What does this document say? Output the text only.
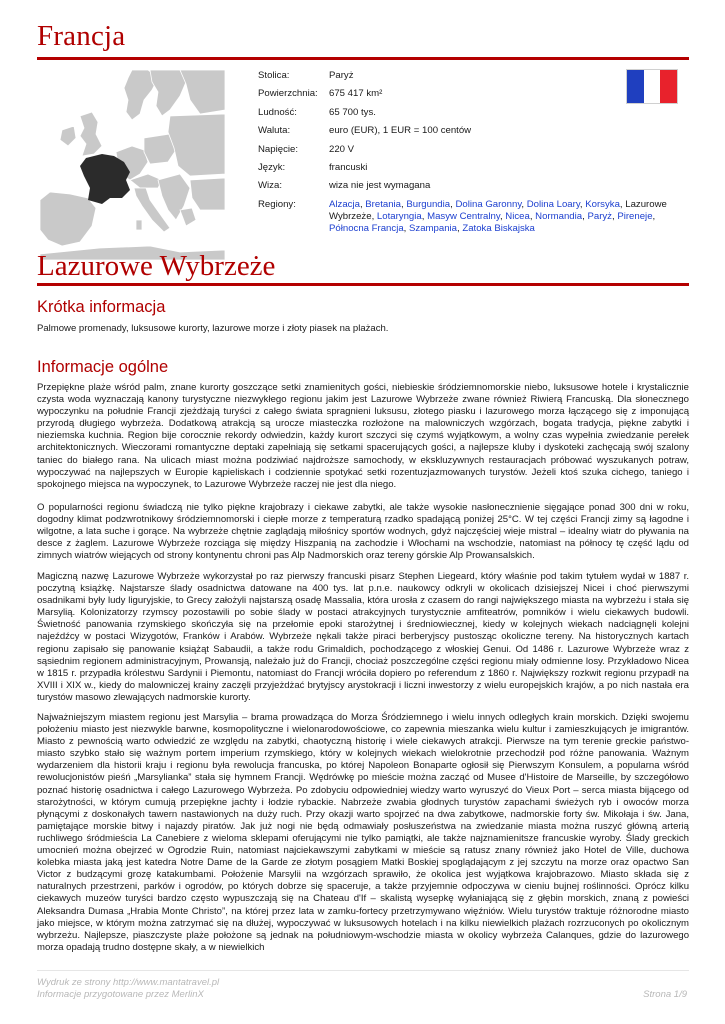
Francja
Stolica:	Paryż
Powierzchnia:	675 417 km²
Ludność:	65 700 tys.
Waluta:	euro (EUR), 1 EUR = 100 centów
Napięcie:	220 V
Język:	francuski
Wiza:	wiza nie jest wymagana
Regiony:	Alzacja, Bretania, Burgundia, Dolina Garonny, Dolina Loary, Korsyka, Lazurowe Wybrzeże, Lotaryngia, Masyw Centralny, Nicea, Normandia, Paryż, Pireneje, Północna Francja, Szampania, Zatoka Biskajska
Lazurowe Wybrzeże
Krótka informacja

Palmowe promenady, luksusowe kurorty, lazurowe morze i złoty piasek na plażach.

Informacje ogólne

Przepiękne plaże wśród palm, znane kurorty goszczące setki znamienitych gości, niebieskie śródziemnomorskie niebo, luksusowe hotele i krystalicznie czysta woda wyznaczają kanony turystyczne niezwykłego regionu jakim jest Lazurowe Wybrzeże zwane również Riwierą Francuską. Dla słonecznego wypoczynku na południe Francji zjeżdżają turyści z całego świata spragnieni luksusu, złotego piasku i lazurowego morza łączącego się z imponującą przyrodą długiego wybrzeża. Dodatkową atrakcją są urocze miasteczka rozłożone na malowniczych wzgórzach, bogata tradycja, piękne zabytki i nieziemska kuchnia. Region bije corocznie rekordy odwiedzin, każdy kurort szczyci się czymś wyjątkowym, a wolny czas wypełnia zwiedzanie perełek architektonicznych. Wieczorami romantyczne deptaki zapełniają się setkami spacerujących gości, a najlepsze kluby i dyskoteki zachęcają swój szalony taniec do białego rana. Na ulicach miast można podziwiać najdroższe samochody, w ekskluzywnych restauracjach próbować wyszukanych potraw, wypoczywać na najlepszych w Europie kąpieliskach i codziennie spotykać setki rozentuzjazmowanych turystów. Jeżeli ktoś szuka cichego, taniego i spokojnego miejsca na wypoczynek, to Lazurowe Wybrzeże raczej nie jest dla niego.

O popularności regionu świadczą nie tylko piękne krajobrazy i ciekawe zabytki, ale także wysokie nasłonecznienie sięgające ponad 300 dni w roku, dogodny klimat podzwrotnikowy śródziemnomorski i ciepłe morze z temperaturą rzadko spadającą poniżej 25°C. W tej części Francji zimy są łagodne i wilgotne, a lata suche i gorące. Na wybrzeże chętnie zaglądają miłośnicy sportów wodnych, gdyż najczęściej wieje mistral – idealny wiatr do pływania na desce z żaglem. Lazurowe Wybrzeże rozciąga się między Hiszpanią na zachodzie i Włochami na wschodzie, natomiast na północy tę część lądu od zimnych wiatrów wiejących od strony kontynentu chroni pas Alp Nadmorskich oraz tereny górskie Alp Prowansalskich.

Magiczną nazwę Lazurowe Wybrzeże wykorzystał po raz pierwszy francuski pisarz Stephen Liegeard, który właśnie pod takim tytułem wydał w 1887 r. poczytną książkę. Najstarsze ślady osadnictwa datowane na 400 tys. lat p.n.e. naukowcy odkryli w okolicach dzisiejszej Nicei i choć pierwszymi osadnikami były ludy liguryjskie, to Grecy założyli najstarszą osadę Massalia, która urosła z czasem do rangi największego miasta na wybrzeżu i stała się Marsylią. Kolonizatorzy rzymscy pozostawili po sobie ślady w postaci atrakcyjnych turystycznie amfiteatrów, pomników i wielu ciekawych budowli. Świetność panowania rzymskiego skończyła się na przełomie epoki starożytnej i średniowiecznej, kiedy w kolejnych wiekach nadciągnęli kolejni najeźdźcy w postaci Wizygotów, Franków i Arabów. Wybrzeże nękali także piraci berberyjscy pustosząc okoliczne tereny. Na historycznych kartach regionu zapisało się panowanie książąt Sabaudii, a także rodu Grimaldich, pochodzącego z włoskiej Genui. Od 1486 r. Lazurowe Wybrzeże wraz z sąsiednim regionem administracyjnym, Prowansją, należało już do Francji, chociaż poszczególne części regionu miały odmienne losy. Przykładowo Nicea w 1815 r. przypadła królestwu Sardynii i Piemontu, natomiast do Francji wróciła dopiero po referendum z 1860 r. Największy rozkwit regionu przypadł na XVIII i XIX w., kiedy do malowniczej krainy zaczęli przyjeżdżać brytyjscy arystokracji i liczni inwestorzy z wielu europejskich krajów, a po nich nastała era turystów masowo zlewających nadmorskie kurorty.

Najważniejszym miastem regionu jest Marsylia – brama prowadząca do Morza Śródziemnego i wielu innych odległych krain morskich. Dzięki swojemu położeniu miasto jest niezwykle barwne, kosmopolityczne i wielonarodowościowe, co zapewnia mieszanka wielu kultur i zamieszkujących je imigrantów. Miasto z pewnością warto odwiedzić ze względu na zabytki, chaotyczną historię i wiele ciekawych atrakcji. Pierwsze na tym terenie greckie państwo-miasto szybko stało się ważnym portem imperium rzymskiego, który w kolejnych wiekach wielokrotnie przechodził pod różne panowania. Ważnym wydarzeniem dla historii kraju i regionu była rewolucja francuska, po której Napoleon Bonaparte ogłosił się Pierwszym Konsulem, a popularna wśród rewolucjonistów pieśń „Marsylianka” stała się hymnem Francji. Wędrówkę po mieście można zacząć od Musee d'Histoire de Marseille, by szczegółowo poznać historię osadnictwa i całego Lazurowego Wybrzeża. Po zdobyciu odpowiedniej wiedzy warto wyruszyć do Vieux Port – serca miasta bijącego od starożytności, w którym cumują przepiękne jachty i łodzie rybackie. Nabrzeże zwabia głodnych turystów zapachami świeżych ryb i owoców morza płynącymi z doskonałych tawern nastawionych na duży ruch. Przy okazji warto spojrzeć na dwa zabytkowe, nadmorskie forty św. Mikołaja i św. Jana, pamiętające morskie bitwy i najazdy piratów. Jak już nogi nie będą odmawiały posłuszeństwa na zwiedzanie miasta można ruszyć główną arterią ruchliwego śródmieścia La Canebiere z wieloma sklepami oferującymi nie tylko pamiątki, ale także najznamienitsze francuskie wyroby. Ślady greckich umocnień można obejrzeć w Ogrodzie Ruin, natomiast najciekawszymi zabytkami w mieście są ratusz znany również jako Hotel de Ville, duchowa kolebka miasta jaką jest katedra Notre Dame de la Garde ze złotym posągiem Matki Boskiej spoglądającym z jej szczytu na morze oraz opactwo San Victor z budzącymi grozę katakumbami. Położenie Marsylii na wzgórzach sprawiło, że okolica jest wyjątkowa krajobrazowo. Miasto składa się z naturalnych przestrzeni, parków i ogrodów, po których dobrze się spaceruje, a także przyjemnie odpoczywa w cieniu bujnej roślinności. Oprócz kilku ciekawych muzeów turyści bardzo często wypuszczają się na Chateau d'If – skalistą wysepkę wyłaniającą się z głębin morskich, znaną z powieści Aleksandra Dumasa „Hrabia Monte Christo”, na której przez lata w zamku-fortecy przetrzymywano więźniów. Wielu turystów traktuje różnorodne miasto jako miejsce, w którym można zatrzymać się na dłużej, wypoczywać w luksusowych hotelach i na kilku niewielkich plażach rozrzuconych po okolicznym wybrzeżu. Najlepsze, piaszczyste plaże położone są jednak na południowym-wschodzie miasta w okolicy wybrzeża Calanques, gdzie do lazurowego morza opadają trudno dostępne skały, a w niewielkich

Wydruk ze strony http://www.mantatravel.pl
Informacje przygotowane przez MerlinX	Strona 1/9
